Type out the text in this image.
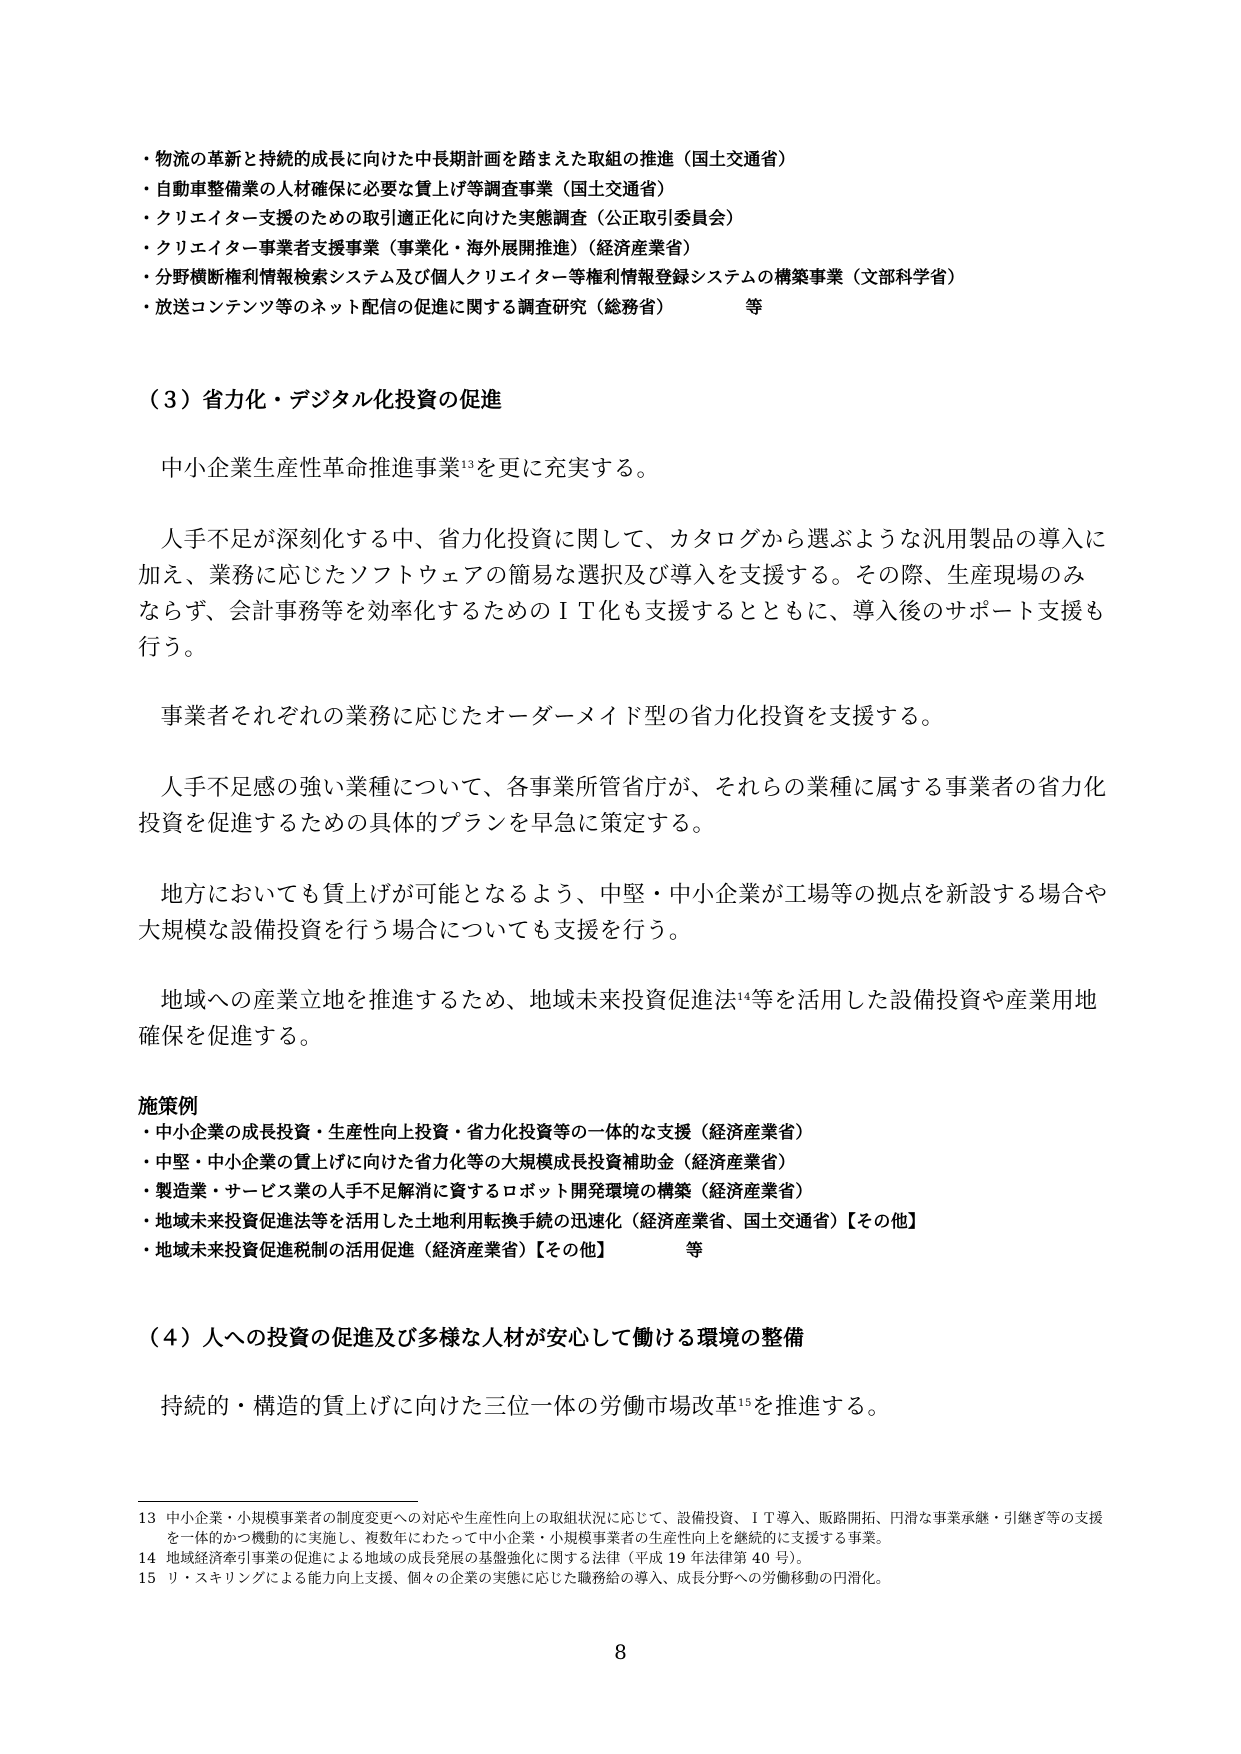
・物流の革新と持続的成長に向けた中長期計画を踏まえた取組の推進（国土交通省）
・自動車整備業の人材確保に必要な賃上げ等調査事業（国土交通省）
・クリエイター支援のための取引適正化に向けた実態調査（公正取引委員会）
・クリエイター事業者支援事業（事業化・海外展開推進）（経済産業省）
・分野横断権利情報検索システム及び個人クリエイター等権利情報登録システムの構築事業（文部科学省）
・放送コンテンツ等のネット配信の促進に関する調査研究（総務省）	等
（３）省力化・デジタル化投資の促進

中小企業生産性革命推進事業$^{13}$を更に充実する。

人手不足が深刻化する中、省力化投資に関して、カタログから選ぶような汎用製品の導入に加え、業務に応じたソフトウェアの簡易な選択及び導入を支援する。その際、生産現場のみならず、会計事務等を効率化するためのＩＴ化も支援するとともに、導入後のサポート支援も行う。

事業者それぞれの業務に応じたオーダーメイド型の省力化投資を支援する。

人手不足感の強い業種について、各事業所管省庁が、それらの業種に属する事業者の省力化投資を促進するための具体的プランを早急に策定する。

地方においても賃上げが可能となるよう、中堅・中小企業が工場等の拠点を新設する場合や大規模な設備投資を行う場合についても支援を行う。

地域への産業立地を推進するため、地域未来投資促進法$^{14}$等を活用した設備投資や産業用地確保を促進する。

施策例
・中小企業の成長投資・生産性向上投資・省力化投資等の一体的な支援（経済産業省）
・中堅・中小企業の賃上げに向けた省力化等の大規模成長投資補助金（経済産業省）
・製造業・サービス業の人手不足解消に資するロボット開発環境の構築（経済産業省）
・地域未来投資促進法等を活用した土地利用転換手続の迅速化（経済産業省、国土交通省）【その他】
・地域未来投資促進税制の活用促進（経済産業省）【その他】	等
（４）人への投資の促進及び多様な人材が安心して働ける環境の整備

持続的・構造的賃上げに向けた三位一体の労働市場改革$^{15}$を推進する。

13 中小企業・小規模事業者の制度変更への対応や生産性向上の取組状況に応じて、設備投資、ＩＴ導入、販路開拓、円滑な事業承継・引継ぎ等の支援を一体的かつ機動的に実施し、複数年にわたって中小企業・小規模事業者の生産性向上を継続的に支援する事業。
14 地域経済牽引事業の促進による地域の成長発展の基盤強化に関する法律（平成 19 年法律第 40 号）。
15 リ・スキリングによる能力向上支援、個々の企業の実態に応じた職務給の導入、成長分野への労働移動の円滑化。
8
